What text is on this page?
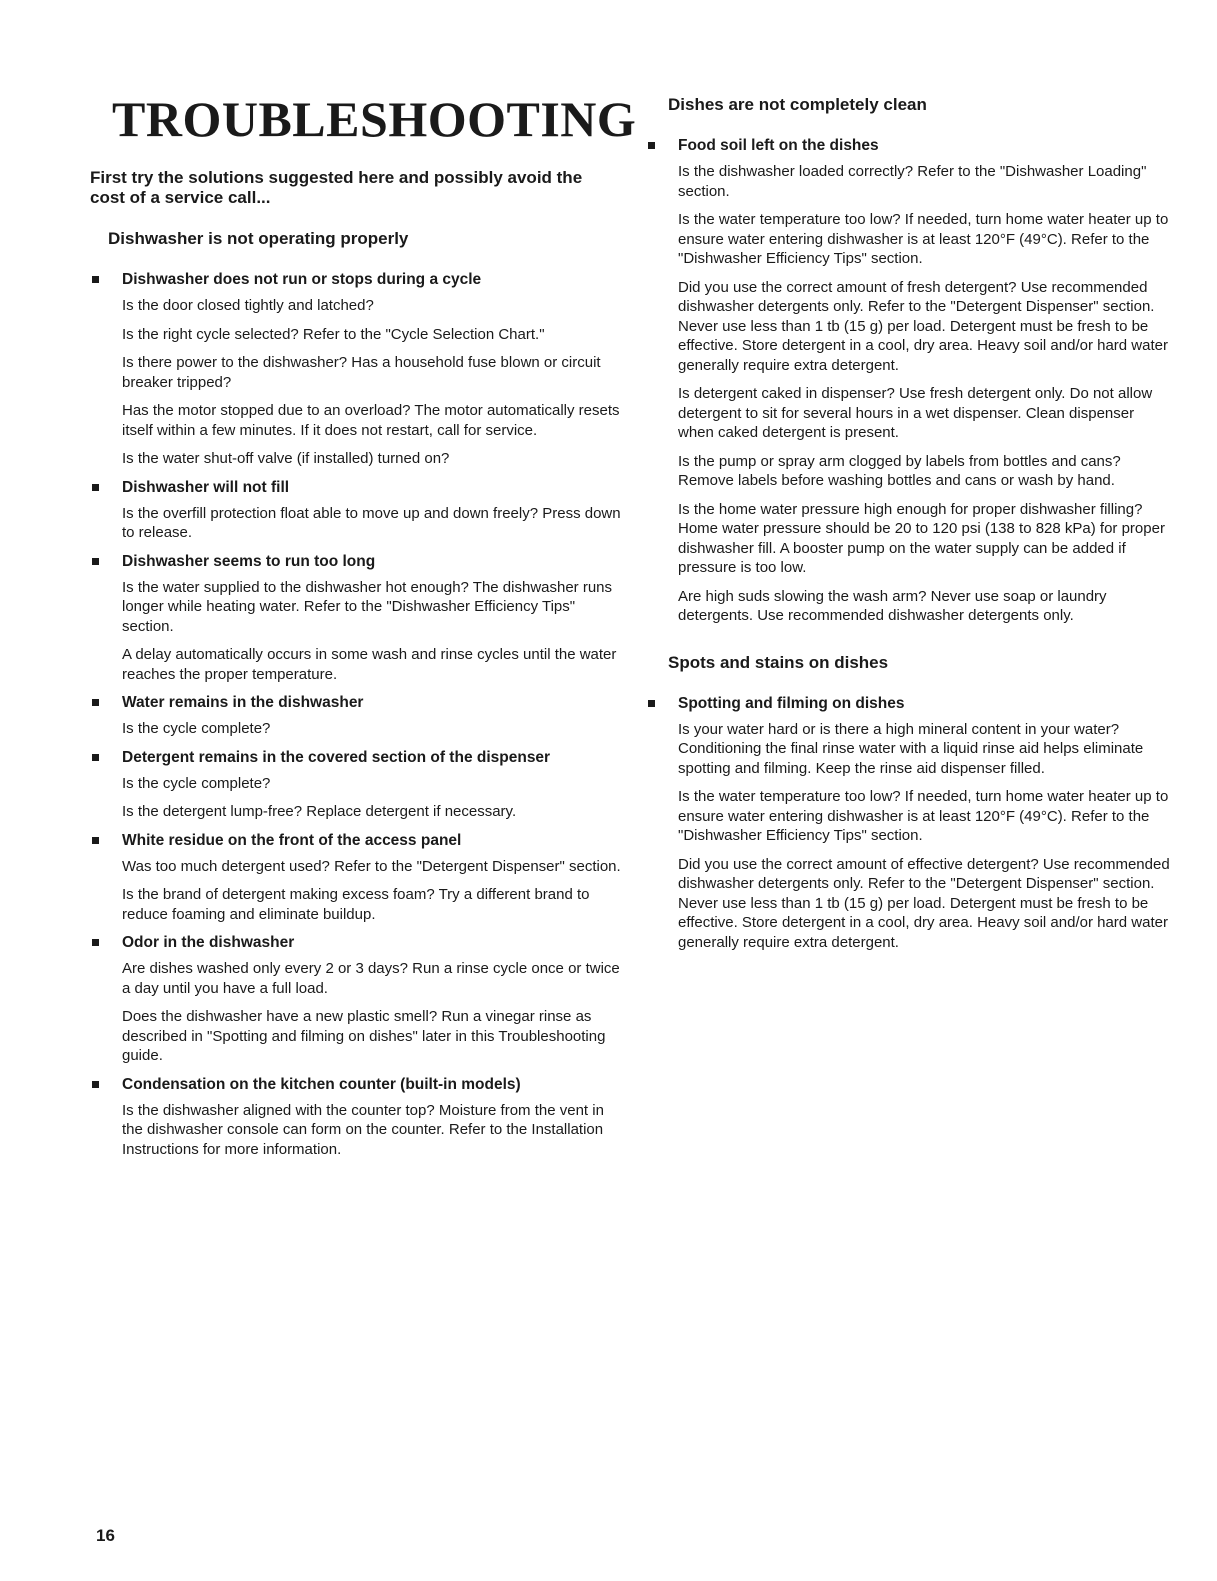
TROUBLESHOOTING

First try the solutions suggested here and possibly avoid the cost of a service call...

Dishwasher is not operating properly
Dishwasher does not run or stops during a cycle

Is the door closed tightly and latched?

Is the right cycle selected? Refer to the "Cycle Selection Chart."

Is there power to the dishwasher? Has a household fuse blown or circuit breaker tripped?

Has the motor stopped due to an overload? The motor automatically resets itself within a few minutes. If it does not restart, call for service.

Is the water shut-off valve (if installed) turned on?

Dishwasher will not fill

Is the overfill protection float able to move up and down freely? Press down to release.

Dishwasher seems to run too long

Is the water supplied to the dishwasher hot enough? The dishwasher runs longer while heating water. Refer to the "Dishwasher Efficiency Tips" section.

A delay automatically occurs in some wash and rinse cycles until the water reaches the proper temperature.

Water remains in the dishwasher

Is the cycle complete?

Detergent remains in the covered section of the dispenser

Is the cycle complete?

Is the detergent lump-free? Replace detergent if necessary.

White residue on the front of the access panel

Was too much detergent used? Refer to the "Detergent Dispenser" section.

Is the brand of detergent making excess foam? Try a different brand to reduce foaming and eliminate buildup.

Odor in the dishwasher

Are dishes washed only every 2 or 3 days? Run a rinse cycle once or twice a day until you have a full load.

Does the dishwasher have a new plastic smell? Run a vinegar rinse as described in "Spotting and filming on dishes" later in this Troubleshooting guide.

Condensation on the kitchen counter (built-in models)

Is the dishwasher aligned with the counter top? Moisture from the vent in the dishwasher console can form on the counter. Refer to the Installation Instructions for more information.

Dishes are not completely clean
Food soil left on the dishes

Is the dishwasher loaded correctly? Refer to the "Dishwasher Loading" section.

Is the water temperature too low? If needed, turn home water heater up to ensure water entering dishwasher is at least 120°F (49°C). Refer to the "Dishwasher Efficiency Tips" section.

Did you use the correct amount of fresh detergent? Use recommended dishwasher detergents only. Refer to the "Detergent Dispenser" section. Never use less than 1 tb (15 g) per load. Detergent must be fresh to be effective. Store detergent in a cool, dry area. Heavy soil and/or hard water generally require extra detergent.

Is detergent caked in dispenser? Use fresh detergent only. Do not allow detergent to sit for several hours in a wet dispenser. Clean dispenser when caked detergent is present.

Is the pump or spray arm clogged by labels from bottles and cans? Remove labels before washing bottles and cans or wash by hand.

Is the home water pressure high enough for proper dishwasher filling? Home water pressure should be 20 to 120 psi (138 to 828 kPa) for proper dishwasher fill. A booster pump on the water supply can be added if pressure is too low.

Are high suds slowing the wash arm? Never use soap or laundry detergents. Use recommended dishwasher detergents only.

Spots and stains on dishes
Spotting and filming on dishes

Is your water hard or is there a high mineral content in your water? Conditioning the final rinse water with a liquid rinse aid helps eliminate spotting and filming. Keep the rinse aid dispenser filled.

Is the water temperature too low? If needed, turn home water heater up to ensure water entering dishwasher is at least 120°F (49°C). Refer to the "Dishwasher Efficiency Tips" section.

Did you use the correct amount of effective detergent? Use recommended dishwasher detergents only. Refer to the "Detergent Dispenser" section. Never use less than 1 tb (15 g) per load. Detergent must be fresh to be effective. Store detergent in a cool, dry area. Heavy soil and/or hard water generally require extra detergent.

16
